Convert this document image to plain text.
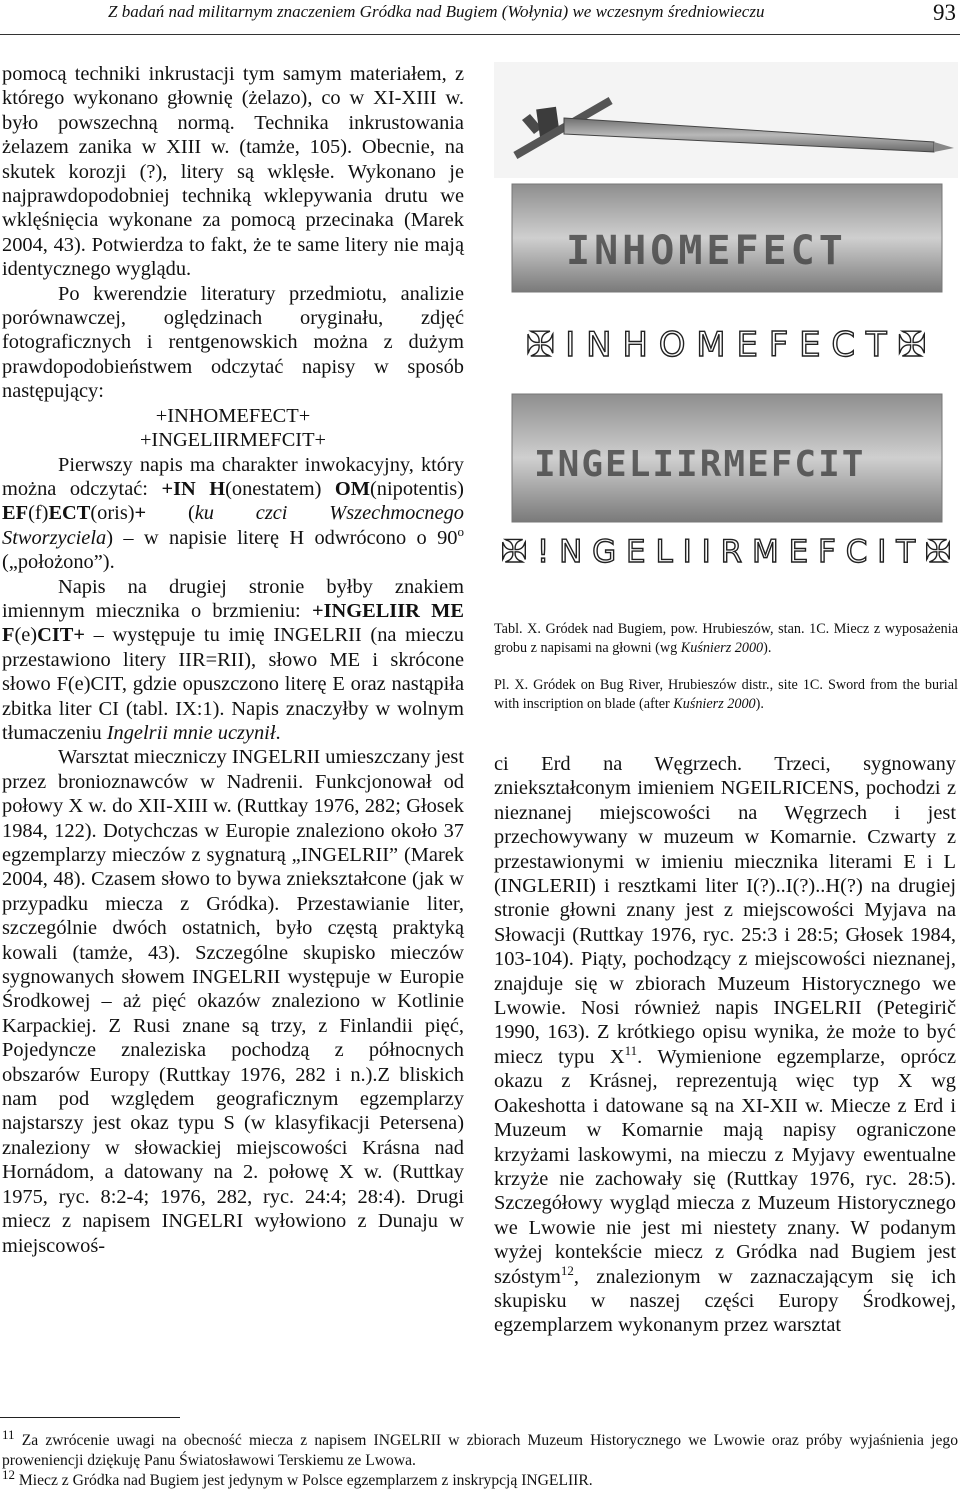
Z badań nad militarnym znaczeniem Gródka nad Bugiem (Wołynia) we wczesnym średniowieczu	93

pomocą techniki inkrustacji tym samym materiałem, z którego wykonano głownię (żelazo), co w XI-XIII w. było powszechną normą. Technika inkrustowania żelazem zanika w XIII w. (tamże, 105). Obecnie, na skutek korozji (?), litery są wklęsłe. Wykonano je najprawdopodobniej techniką wklepywania drutu we wklęśnięcia wykonane za pomocą przecinaka (Marek 2004, 43). Potwierdza to fakt, że te same litery nie mają identycznego wyglądu.

Po kwerendzie literatury przedmiotu, analizie porównawczej, oględzinach oryginału, zdjęć fotograficznych i rentgenowskich można z dużym prawdopodobieństwem odczytać napisy w sposób następujący:

+INHOMEFECT+

+INGELIIRMEFCIT+

Pierwszy napis ma charakter inwokacyjny, który można odczytać: +IN H(onestatem) OM(nipotentis) EF(f)ECT(oris)+ (ku czci Wszechmocnego Stworzyciela) – w napisie literę H odwrócono o 90$^o$ („położono”).

Napis na drugiej stronie byłby znakiem imiennym miecznika o brzmieniu: +INGELIIR ME F(e)CIT+ – występuje tu imię INGELRII (na mieczu przestawiono litery IIR=RII), słowo ME i skrócone słowo F(e)CIT, gdzie opuszczono literę E oraz nastąpiła zbitka liter CI (tabl. IX:1). Napis znaczyłby w wolnym tłumaczeniu Ingelrii mnie uczynił.

Warsztat mieczniczy INGELRII umieszczany jest przez bronioznawców w Nadrenii. Funkcjonował od połowy X w. do XII-XIII w. (Ruttkay 1976, 282; Głosek 1984, 122). Dotychczas w Europie znaleziono około 37 egzemplarzy mieczów z sygnaturą „INGELRII” (Marek 2004, 48). Czasem słowo to bywa zniekształcone (jak w przypadku miecza z Gródka). Przestawianie liter, szczególnie dwóch ostatnich, było częstą praktyką kowali (tamże, 43). Szczególne skupisko mieczów sygnowanych słowem INGELRII występuje w Europie Środkowej – aż pięć okazów znaleziono w Kotlinie Karpackiej. Z Rusi znane są trzy, z Finlandii pięć, Pojedyncze znaleziska pochodzą z północnych obszarów Europy (Ruttkay 1976, 282 i n.).Z bliskich nam pod względem geograficznym egzemplarzy najstarszy jest okaz typu S (w klasyfikacji Petersena) znaleziony w słowackiej miejscowości Krásna nad Hornádom, a datowany na 2. połowę X w. (Ruttkay 1975, ryc. 8:2-4; 1976, 282, ryc. 24:4; 28:4). Drugi miecz z napisem INGELRI wyłowiono z Dunaju w miejscowoś-

INHOMEFECT
✠ I N H O M E F E C T ✠
INGELIIRMEFCIT
✠ ! N G E L I I R M E F C I T ✠
Tabl. X. Gródek nad Bugiem, pow. Hrubieszów, stan. 1C. Miecz z wyposażenia grobu z napisami na głowni (wg Kuśnierz 2000).
Pl. X. Gródek on Bug River, Hrubieszów distr., site 1C. Sword from the burial with inscription on blade (after Kuśnierz 2000).

ci Erd na Węgrzech. Trzeci, sygnowany zniekształconym imieniem NGEILRICENS, pochodzi z nieznanej miejscowości na Węgrzech i jest przechowywany w muzeum w Komarnie. Czwarty z przestawionymi w imieniu miecznika literami E i L (INGLERII) i resztkami liter I(?)..I(?)..H(?) na drugiej stronie głowni znany jest z miejscowości Myjava na Słowacji (Ruttkay 1976, ryc. 25:3 i 28:5; Głosek 1984, 103-104). Piąty, pochodzący z miejscowości nieznanej, znajduje się w zbiorach Muzeum Historycznego we Lwowie. Nosi również napis INGELRII (Petegirič 1990, 163). Z krótkiego opisu wynika, że może to być miecz typu $X^{11}$. Wymienione egzemplarze, oprócz okazu z Krásnej, reprezentują więc typ X wg Oakeshotta i datowane są na XI-XII w. Miecze z Erd i Muzeum w Komarnie mają napisy ograniczone krzyżami laskowymi, na mieczu z Myjavy ewentualne krzyże nie zachowały się (Ruttkay 1976, ryc. 28:5). Szczegółowy wygląd miecza z Muzeum Historycznego we Lwowie nie jest mi niestety znany. W podanym wyżej kontekście miecz z Gródka nad Bugiem jest szóstym$^{12}$, znalezionym w zaznaczającym się ich skupisku w naszej części Europy Środkowej, egzemplarzem wykonanym przez warsztat

$^{11}$ Za zwrócenie uwagi na obecność miecza z napisem INGELRII w zbiorach Muzeum Historycznego we Lwowie oraz próby wyjaśnienia jego proweniencji dziękuję Panu Światosławowi Terskiemu ze Lwowa.

$^{12}$ Miecz z Gródka nad Bugiem jest jedynym w Polsce egzemplarzem z inskrypcją INGELIIR.
